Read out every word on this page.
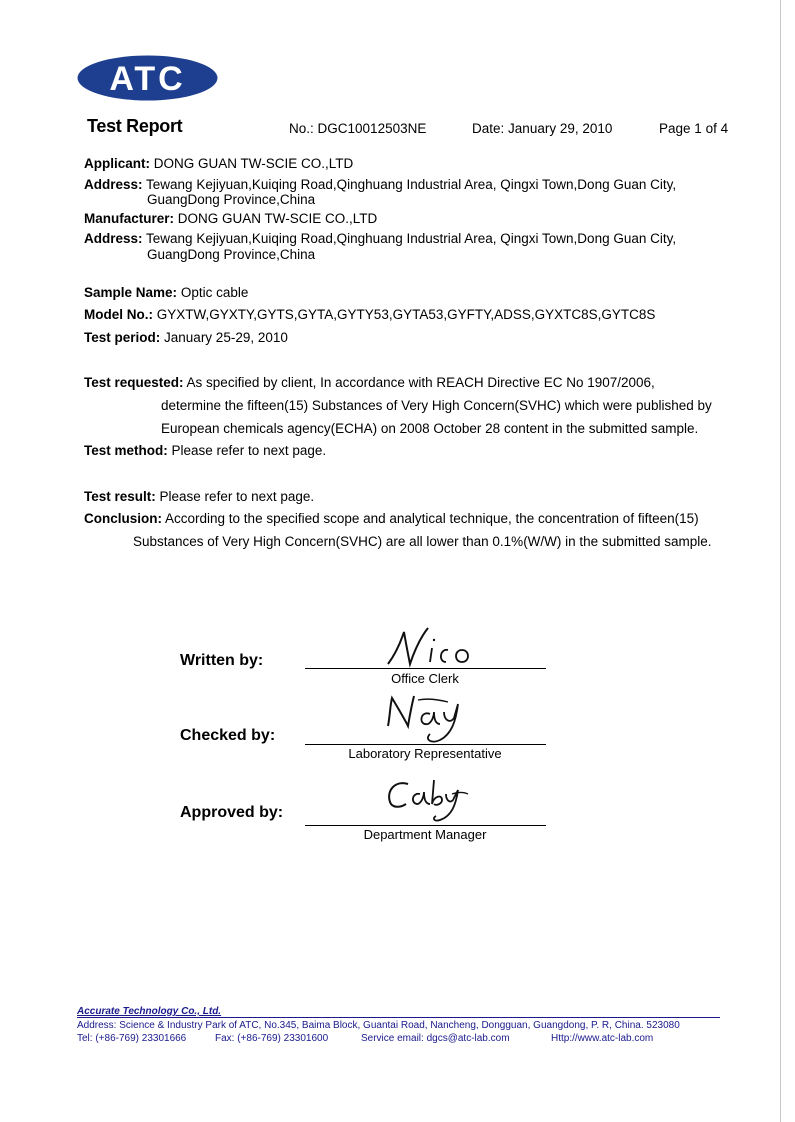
ATC
Test Report	No.: DGC10012503NE	Date: January 29, 2010	Page 1 of 4
Applicant: DONG GUAN TW-SCIE CO.,LTD
Address: Tewang Kejiyuan,Kuiqing Road,Qinghuang Industrial Area, Qingxi Town,Dong Guan City,
GuangDong Province,China
Manufacturer: DONG GUAN TW-SCIE CO.,LTD
Address: Tewang Kejiyuan,Kuiqing Road,Qinghuang Industrial Area, Qingxi Town,Dong Guan City,
GuangDong Province,China
Sample Name: Optic cable
Model No.: GYXTW,GYXTY,GYTS,GYTA,GYTY53,GYTA53,GYFTY,ADSS,GYXTC8S,GYTC8S
Test period: January 25-29, 2010
Test requested: As specified by client, In accordance with REACH Directive EC No 1907/2006,
determine the fifteen(15) Substances of Very High Concern(SVHC) which were published by
European chemicals agency(ECHA) on 2008 October 28 content in the submitted sample.
Test method: Please refer to next page.
Test result: Please refer to next page.
Conclusion: According to the specified scope and analytical technique, the concentration of fifteen(15)
Substances of Very High Concern(SVHC) are all lower than 0.1%(W/W) in the submitted sample.
Written by:
Office Clerk
Checked by:
Laboratory Representative
Approved by:
Department Manager
Accurate Technology Co., Ltd.
Address: Science & Industry Park of ATC, No.345, Baima Block, Guantai Road, Nancheng, Dongguan, Guangdong, P. R, China. 523080
Tel: (+86-769) 23301666	Fax: (+86-769) 23301600	Service email: dgcs@atc-lab.com	Http://www.atc-lab.com
